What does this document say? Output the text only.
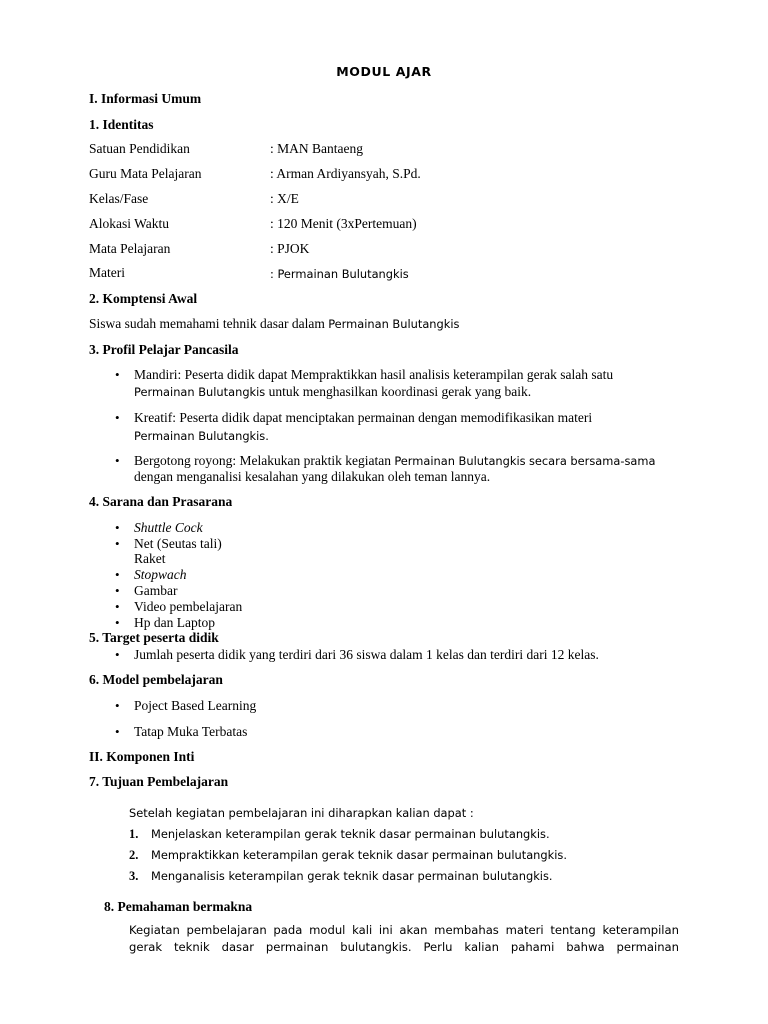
MODUL AJAR
I. Informasi Umum
1. Identitas
Satuan Pendidikan	: MAN Bantaeng
Guru Mata Pelajaran	: Arman Ardiyansyah, S.Pd.
Kelas/Fase	: X/E
Alokasi Waktu	: 120 Menit (3xPertemuan)
Mata Pelajaran	: PJOK
Materi	: Permainan Bulutangkis
2. Komptensi Awal
Siswa sudah memahami tehnik dasar dalam Permainan Bulutangkis
3. Profil Pelajar Pancasila
• Mandiri: Peserta didik dapat Mempraktikkan hasil analisis keterampilan gerak salah satu
Permainan Bulutangkis untuk menghasilkan koordinasi gerak yang baik.
• Kreatif: Peserta didik dapat menciptakan permainan dengan memodifikasikan materi
Permainan Bulutangkis.
• Bergotong royong: Melakukan praktik kegiatan Permainan Bulutangkis secara bersama-sama
dengan menganalisi kesalahan yang dilakukan oleh teman lannya.
4. Sarana dan Prasarana
• Shuttle Cock
• Net (Seutas tali)
Raket
• Stopwach
• Gambar
• Video pembelajaran
• Hp dan Laptop
5. Target peserta didik
• Jumlah peserta didik yang terdiri dari 36 siswa dalam 1 kelas dan terdiri dari 12 kelas.
6. Model pembelajaran
• Poject Based Learning
• Tatap Muka Terbatas
II. Komponen Inti
7. Tujuan Pembelajaran
Setelah kegiatan pembelajaran ini diharapkan kalian dapat :
1. Menjelaskan keterampilan gerak teknik dasar permainan bulutangkis.
2. Mempraktikkan keterampilan gerak teknik dasar permainan bulutangkis.
3. Menganalisis keterampilan gerak teknik dasar permainan bulutangkis.
8. Pemahaman bermakna
Kegiatan pembelajaran pada modul kali ini akan membahas materi tentang keterampilan
gerak teknik dasar permainan bulutangkis. Perlu kalian pahami bahwa permainan
